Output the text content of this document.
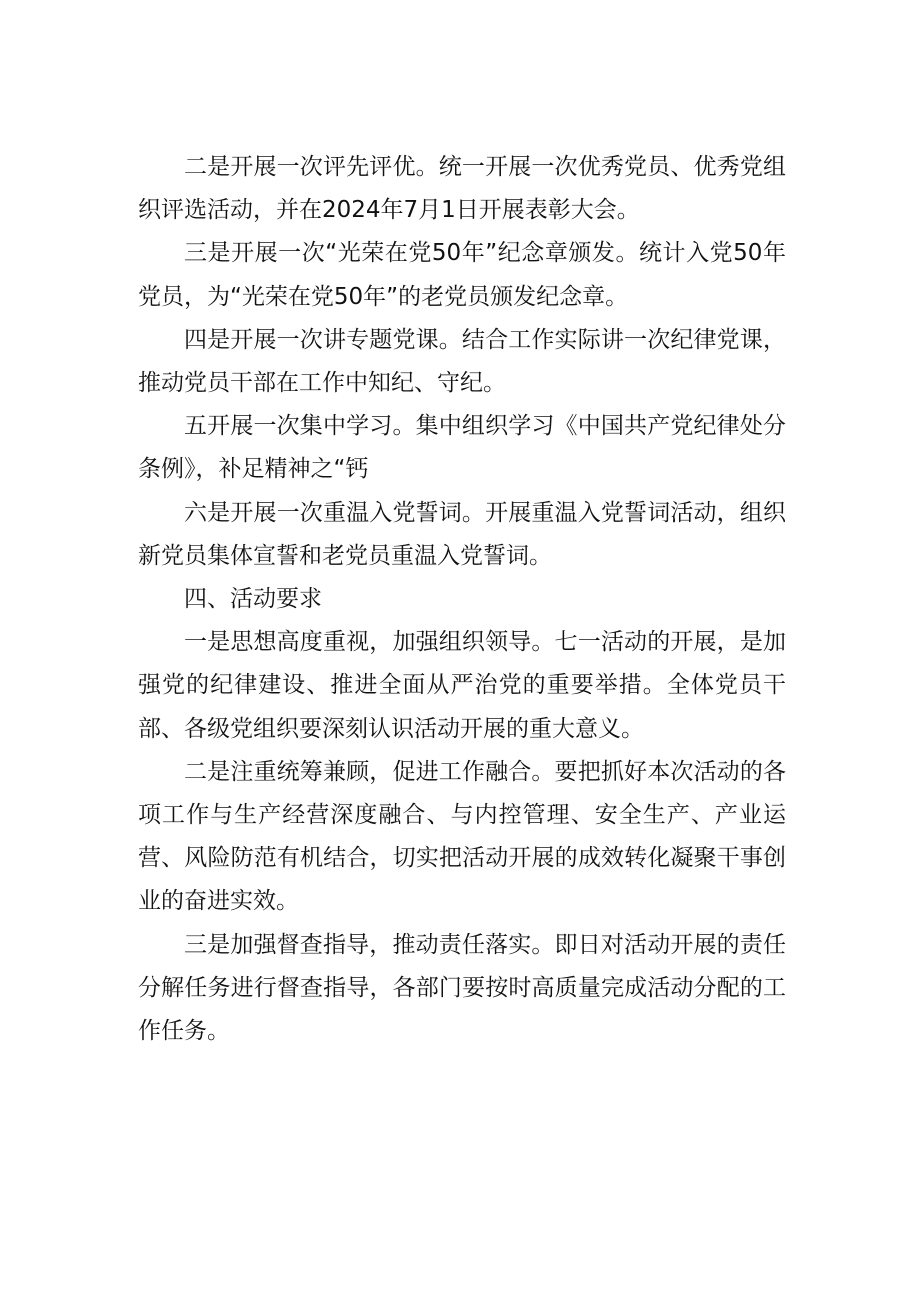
二是开展一次评先评优。统一开展一次优秀党员、优秀党组织评选活动，并在2024年7月1日开展表彰大会。

三是开展一次“光荣在党50年”纪念章颁发。统计入党50年党员，为“光荣在党50年”的老党员颁发纪念章。

四是开展一次讲专题党课。结合工作实际讲一次纪律党课，推动党员干部在工作中知纪、守纪。

五开展一次集中学习。集中组织学习《中国共产党纪律处分条例》，补足精神之“钙

六是开展一次重温入党誓词。开展重温入党誓词活动，组织新党员集体宣誓和老党员重温入党誓词。

四、活动要求

一是思想高度重视，加强组织领导。七一活动的开展，是加强党的纪律建设、推进全面从严治党的重要举措。全体党员干部、各级党组织要深刻认识活动开展的重大意义。

二是注重统筹兼顾，促进工作融合。要把抓好本次活动的各项工作与生产经营深度融合、与内控管理、安全生产、产业运营、风险防范有机结合，切实把活动开展的成效转化凝聚干事创业的奋进实效。

三是加强督查指导，推动责任落实。即日对活动开展的责任分解任务进行督查指导，各部门要按时高质量完成活动分配的工作任务。
